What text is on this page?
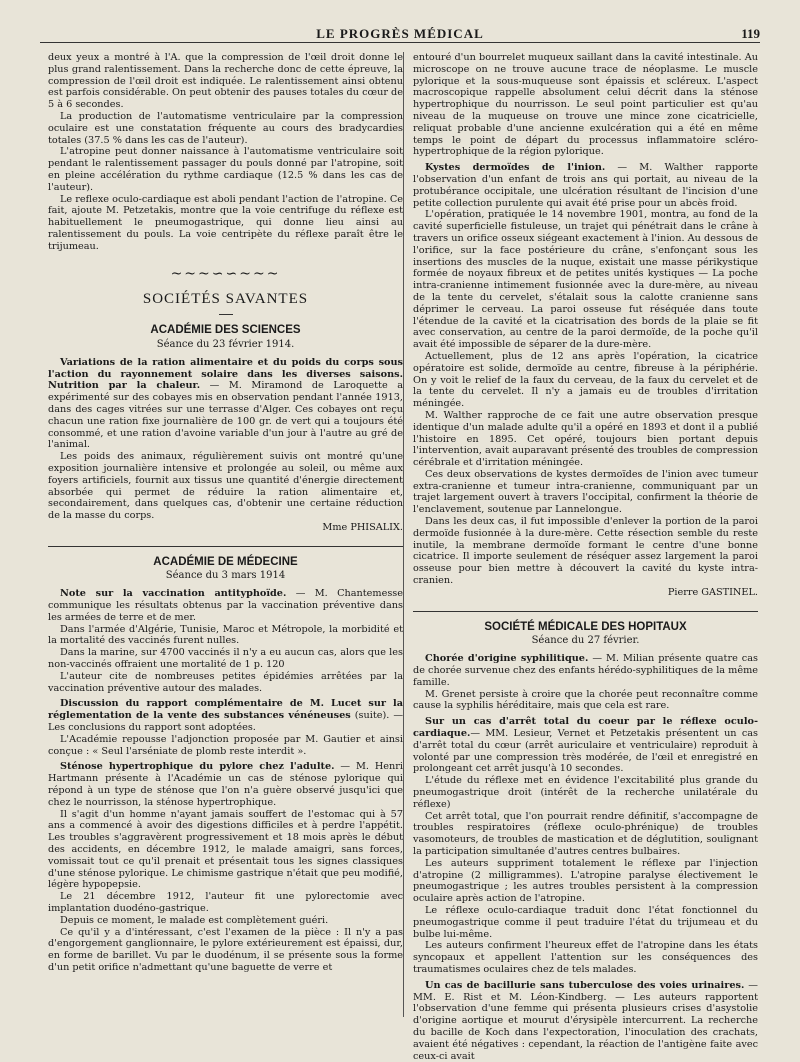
LE PROGRÈS MÉDICAL	119

deux yeux a montré à l'A. que la compression de l'œil droit donne le plus grand ralentissement. Dans la recherche donc de cette épreuve, la compression de l'œil droit est indiquée. Le ralentissement ainsi obtenu est parfois considérable. On peut obtenir des pauses totales du cœur de 5 à 6 secondes.

La production de l'automatisme ventriculaire par la compression oculaire est une constatation fréquente au cours des bradycardies totales (37.5 % dans les cas de l'auteur).

L'atropine peut donner naissance à l'automatisme ventriculaire soit pendant le ralentissement passager du pouls donné par l'atropine, soit en pleine accélération du rythme cardiaque (12.5 % dans les cas de l'auteur).

Le reflexe oculo-cardiaque est aboli pendant l'action de l'atropine. Ce fait, ajoute M. Petzetakis, montre que la voie centrifuge du réflexe est habituellement le pneumogastrique, qui donne lieu ainsi au ralentissement du pouls. La voie centripète du réflexe paraît être le trijumeau.

~~~∽∽~~~
SOCIÉTÉS SAVANTES
ACADÉMIE DES SCIENCES
Séance du 23 février 1914.

Variations de la ration alimentaire et du poids du corps sous l'action du rayonnement solaire dans les diverses saisons. Nutrition par la chaleur. — M. Miramond de Laroquette a expérimenté sur des cobayes mis en observation pendant l'année 1913, dans des cages vitrées sur une terrasse d'Alger. Ces cobayes ont reçu chacun une ration fixe journalière de 100 gr. de vert qui a toujours été consommé, et une ration d'avoine variable d'un jour à l'autre au gré de l'animal.

Les poids des animaux, régulièrement suivis ont montré qu'une exposition journalière intensive et prolongée au soleil, ou même aux foyers artificiels, fournit aux tissus une quantité d'énergie directement absorbée qui permet de réduire la ration alimentaire et, secondairement, dans quelques cas, d'obtenir une certaine réduction de la masse du corps.

Mme PHISALIX.
ACADÉMIE DE MÉDECINE
Séance du 3 mars 1914

Note sur la vaccination antityphoïde. — M. Chantemesse communique les résultats obtenus par la vaccination préventive dans les armées de terre et de mer.

Dans l'armée d'Algérie, Tunisie, Maroc et Métropole, la morbidité et la mortalité des vaccinés furent nulles.

Dans la marine, sur 4700 vaccinés il n'y a eu aucun cas, alors que les non-vaccinés offraient une mortalité de 1 p. 120

L'auteur cite de nombreuses petites épidémies arrêtées par la vaccination préventive autour des malades.

Discussion du rapport complémentaire de M. Lucet sur la réglementation de la vente des substances vénéneuses (suite). — Les conclusions du rapport sont adoptées.

L'Académie repousse l'adjonction proposée par M. Gautier et ainsi conçue : « Seul l'arséniate de plomb reste interdit ».

Sténose hypertrophique du pylore chez l'adulte. — M. Henri Hartmann présente à l'Académie un cas de sténose pylorique qui répond à un type de sténose que l'on n'a guère observé jusqu'ici que chez le nourrisson, la sténose hypertrophique.

Il s'agit d'un homme n'ayant jamais souffert de l'estomac qui à 57 ans a commencé à avoir des digestions difficiles et à perdre l'appétit. Les troubles s'aggravèrent progressivement et 18 mois après le début des accidents, en décembre 1912, le malade amaigri, sans forces, vomissait tout ce qu'il prenait et présentait tous les signes classiques d'une sténose pylorique. Le chimisme gastrique n'était que peu modifié, légère hypopepsie.

Le 21 décembre 1912, l'auteur fit une pylorectomie avec implantation duodéno-gastrique.

Depuis ce moment, le malade est complètement guéri.

Ce qu'il y a d'intéressant, c'est l'examen de la pièce : Il n'y a pas d'engorgement ganglionnaire, le pylore extérieurement est épaissi, dur, en forme de barillet. Vu par le duodénum, il se présente sous la forme d'un petit orifice n'admettant qu'une baguette de verre et

entouré d'un bourrelet muqueux saillant dans la cavité intestinale. Au microscope on ne trouve aucune trace de néoplasme. Le muscle pylorique et la sous-muqueuse sont épaissis et scléreux. L'aspect macroscopique rappelle absolument celui décrit dans la sténose hypertrophique du nourrisson. Le seul point particulier est qu'au niveau de la muqueuse on trouve une mince zone cicatricielle, reliquat probable d'une ancienne exulcération qui a été en même temps le point de départ du processus inflammatoire scléro-hypertrophique de la région pylorique.

Kystes dermoïdes de l'inion. — M. Walther rapporte l'observation d'un enfant de trois ans qui portait, au niveau de la protubérance occipitale, une ulcération résultant de l'incision d'une petite collection purulente qui avait été prise pour un abcès froid.

L'opération, pratiquée le 14 novembre 1901, montra, au fond de la cavité superficielle fistuleuse, un trajet qui pénétrait dans le crâne à travers un orifice osseux siégeant exactement à l'inion. Au dessous de l'orifice, sur la face postérieure du crâne, s'enfonçant sous les insertions des muscles de la nuque, existait une masse périkystique formée de noyaux fibreux et de petites unités kystiques — La poche intra-cranienne intimement fusionnée avec la dure-mère, au niveau de la tente du cervelet, s'étalait sous la calotte cranienne sans déprimer le cerveau. La paroi osseuse fut réséquée dans toute l'étendue de la cavité et la cicatrisation des bords de la plaie se fit avec conservation, au centre de la paroi dermoïde, de la poche qu'il avait été impossible de séparer de la dure-mère.

Actuellement, plus de 12 ans après l'opération, la cicatrice opératoire est solide, dermoïde au centre, fibreuse à la périphérie. On y voit le relief de la faux du cerveau, de la faux du cervelet et de la tente du cervelet. Il n'y a jamais eu de troubles d'irritation méningée.

M. Walther rapproche de ce fait une autre observation presque identique d'un malade adulte qu'il a opéré en 1893 et dont il a publié l'histoire en 1895. Cet opéré, toujours bien portant depuis l'intervention, avait auparavant présenté des troubles de compression cérébrale et d'irritation méningée.

Ces deux observations de kystes dermoïdes de l'inion avec tumeur extra-cranienne et tumeur intra-cranienne, communiquant par un trajet largement ouvert à travers l'occipital, confirment la théorie de l'enclavement, soutenue par Lannelongue.

Dans les deux cas, il fut impossible d'enlever la portion de la paroi dermoïde fusionnée à la dure-mère. Cette résection semble du reste inutile, la membrane dermoïde formant le centre d'une bonne cicatrice. Il importe seulement de réséquer assez largement la paroi osseuse pour bien mettre à découvert la cavité du kyste intra-cranien.

Pierre GASTINEL.
SOCIÉTÉ MÉDICALE DES HOPITAUX
Séance du 27 février.

Chorée d'origine syphilitique. — M. Milian présente quatre cas de chorée survenue chez des enfants hérédo-syphilitiques de la même famille.

M. Grenet persiste à croire que la chorée peut reconnaître comme cause la syphilis héréditaire, mais que cela est rare.

Sur un cas d'arrêt total du coeur par le réflexe oculo-cardiaque.— MM. Lesieur, Vernet et Petzetakis présentent un cas d'arrêt total du cœur (arrêt auriculaire et ventriculaire) reproduit à volonté par une compression très modérée, de l'œil et enregistré en prolongeant cet arrêt jusqu'à 10 secondes.

L'étude du réflexe met en évidence l'excitabilité plus grande du pneumogastrique droit (intérêt de la recherche unilatérale du réflexe)

Cet arrêt total, que l'on pourrait rendre définitif, s'accompagne de troubles respiratoires (réflexe oculo-phrénique) de troubles vasomoteurs, de troubles de mastication et de déglutition, soulignant la participation simultanée d'autres centres bulbaires.

Les auteurs suppriment totalement le réflexe par l'injection d'atropine (2 milligrammes). L'atropine paralyse électivement le pneumogastrique ; les autres troubles persistent à la compression oculaire après action de l'atropine.

Le réflexe oculo-cardiaque traduit donc l'état fonctionnel du pneumogastrique comme il peut traduire l'état du trijumeau et du bulbe lui-même.

Les auteurs confirment l'heureux effet de l'atropine dans les états syncopaux et appellent l'attention sur les conséquences des traumatismes oculaires chez de tels malades.

Un cas de bacillurie sans tuberculose des voies urinaires. — MM. E. Rist et M. Léon-Kindberg. — Les auteurs rapportent l'observation d'une femme qui présenta plusieurs crises d'asystolie d'origine aortique et mourut d'érysipèle intercurrent. La recherche du bacille de Koch dans l'expectoration, l'inoculation des crachats, avaient été négatives : cependant, la réaction de l'antigène faite avec ceux-ci avait
